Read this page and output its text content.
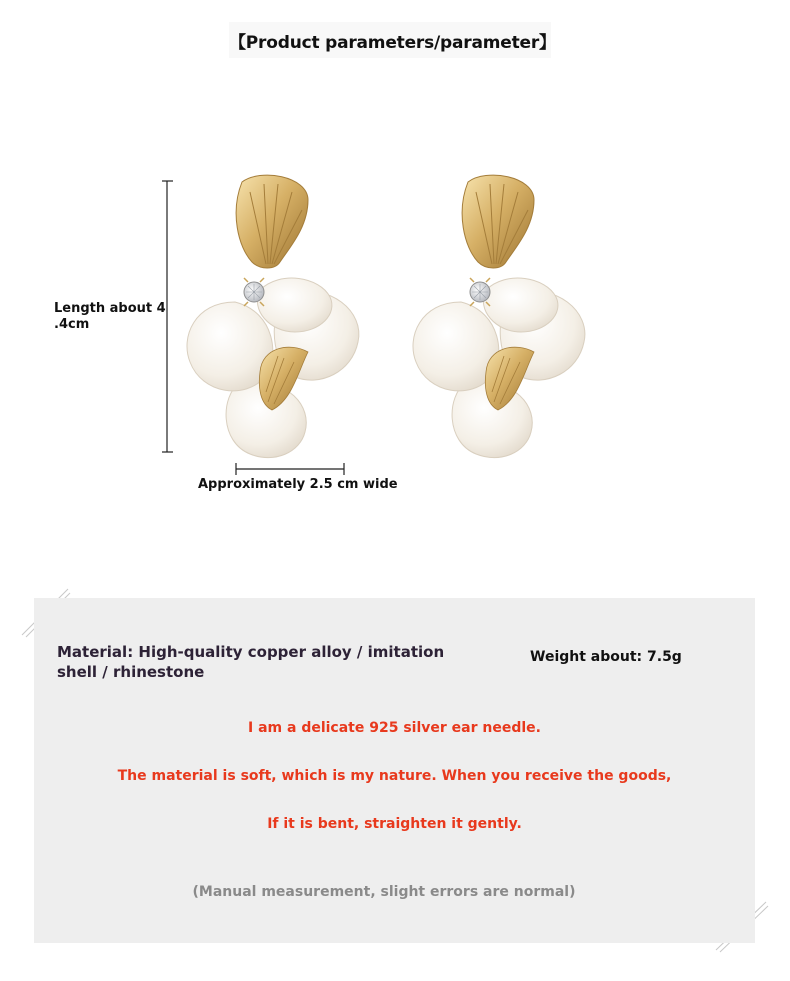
【Product parameters/parameter】
Length about 4 .4cm
Approximately 2.5 cm wide
Material: High-quality copper alloy / imitation shell / rhinestone
Weight about: 7.5g
I am a delicate 925 silver ear needle.
The material is soft, which is my nature. When you receive the goods,
If it is bent, straighten it gently.
(Manual measurement, slight errors are normal)
